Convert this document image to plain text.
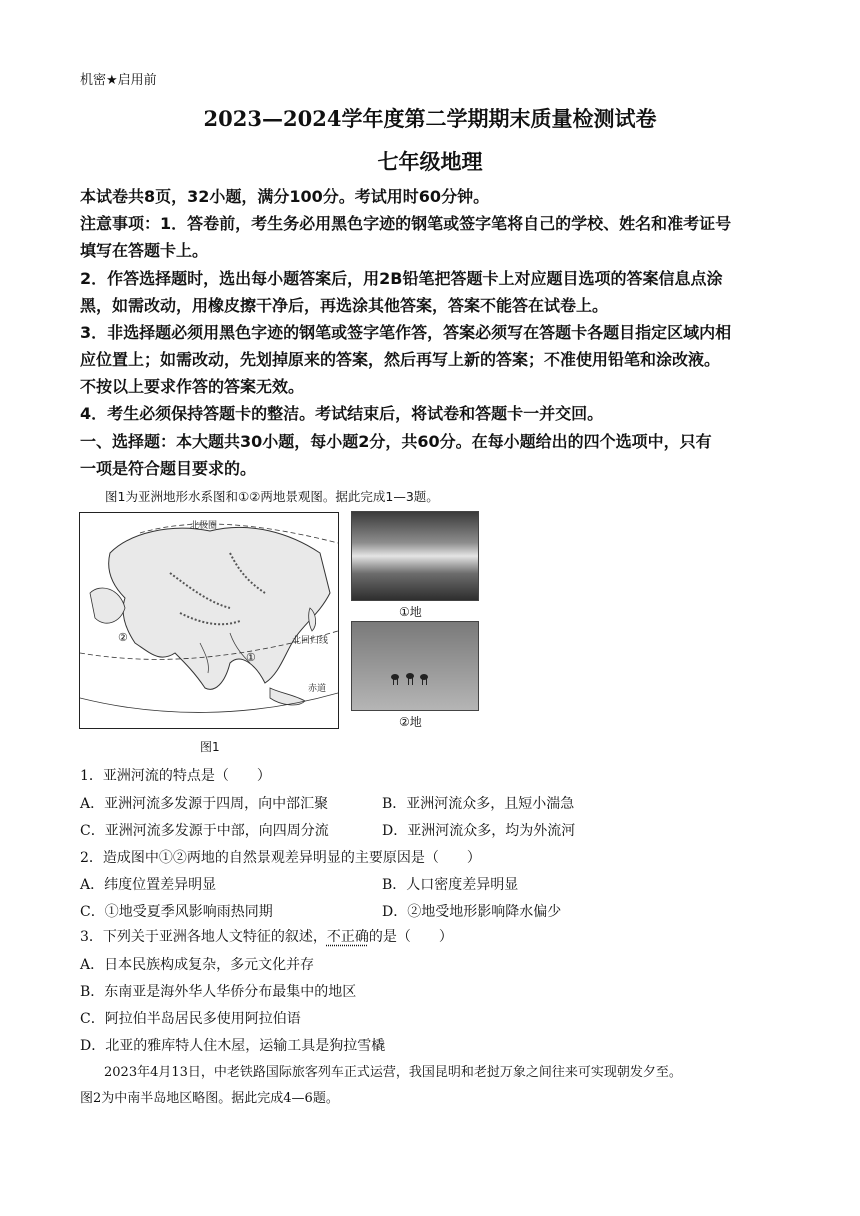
机密★启用前
2023—2024学年度第二学期期末质量检测试卷
七年级地理
本试卷共8页，32小题，满分100分。考试用时60分钟。
注意事项：1．答卷前，考生务必用黑色字迹的钢笔或签字笔将自己的学校、姓名和准考证号
填写在答题卡上。
2．作答选择题时，选出每小题答案后，用2B铅笔把答题卡上对应题目选项的答案信息点涂
黑，如需改动，用橡皮擦干净后，再选涂其他答案，答案不能答在试卷上。
3．非选择题必须用黑色字迹的钢笔或签字笔作答，答案必须写在答题卡各题目指定区域内相
应位置上；如需改动，先划掉原来的答案，然后再写上新的答案；不准使用铅笔和涂改液。
不按以上要求作答的答案无效。
4．考生必须保持答题卡的整洁。考试结束后，将试卷和答题卡一并交回。
一、选择题：本大题共30小题，每小题2分，共60分。在每小题给出的四个选项中，只有
一项是符合题目要求的。
图1为亚洲地形水系图和①②两地景观图。据此完成1—3题。
北极圈
北回归线
赤道
①
②
①地
②地
图1
1．亚洲河流的特点是（　　）
A．亚洲河流多发源于四周，向中部汇聚	B．亚洲河流众多，且短小湍急
C．亚洲河流多发源于中部，向四周分流	D．亚洲河流众多，均为外流河
2．造成图中①②两地的自然景观差异明显的主要原因是（　　）
A．纬度位置差异明显	B．人口密度差异明显
C．①地受夏季风影响雨热同期	D．②地受地形影响降水偏少
3．下列关于亚洲各地人文特征的叙述，不正确的是（　　）
A．日本民族构成复杂，多元文化并存
B．东南亚是海外华人华侨分布最集中的地区
C．阿拉伯半岛居民多使用阿拉伯语
D．北亚的雅库特人住木屋，运输工具是狗拉雪橇
2023年4月13日，中老铁路国际旅客列车正式运营，我国昆明和老挝万象之间往来可实现朝发夕至。
图2为中南半岛地区略图。据此完成4—6题。
